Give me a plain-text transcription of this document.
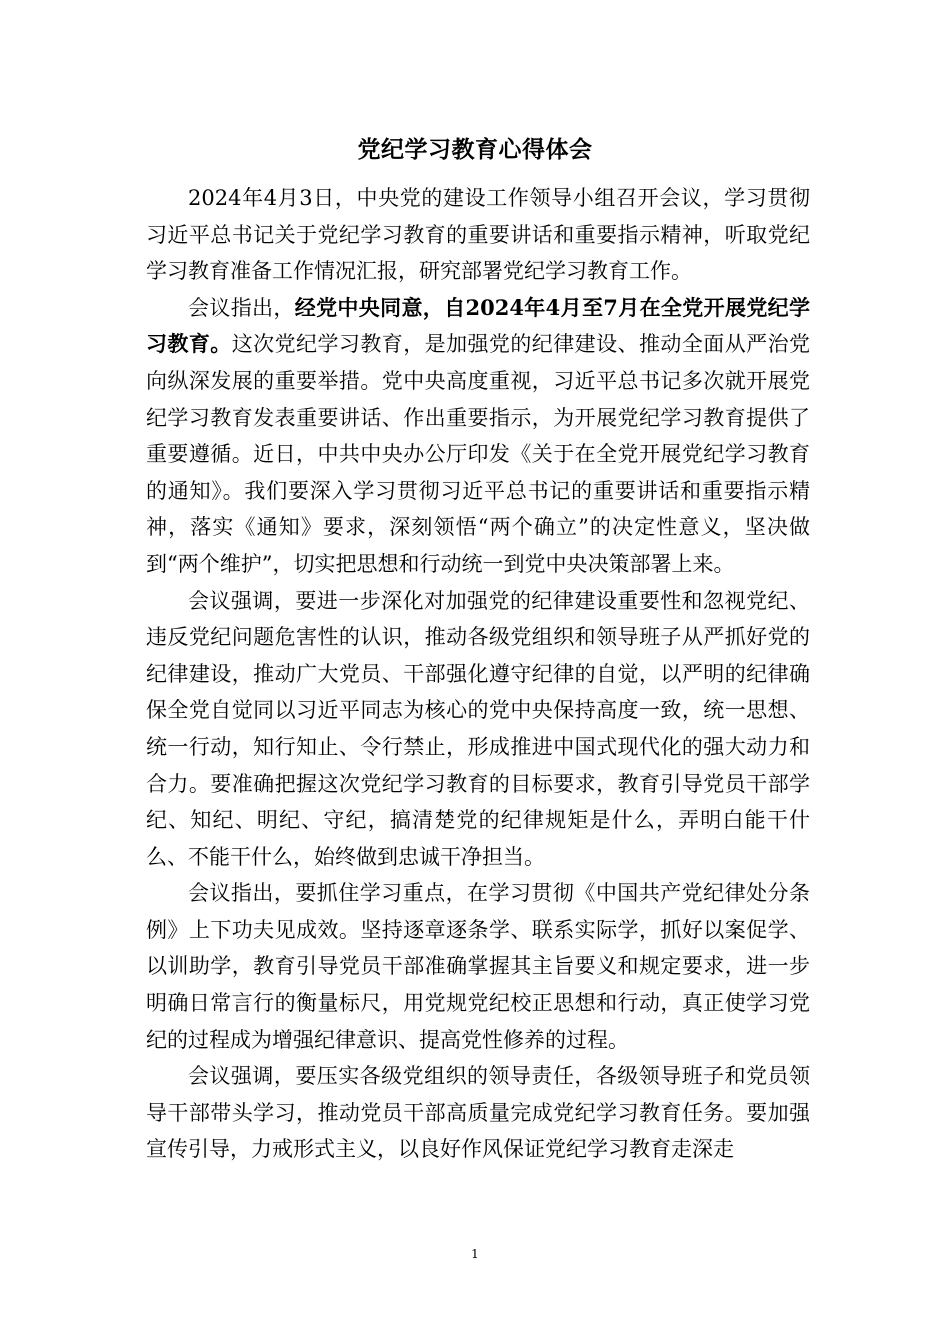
党纪学习教育心得体会

2024年4月3日，中央党的建设工作领导小组召开会议，学习贯彻习近平总书记关于党纪学习教育的重要讲话和重要指示精神，听取党纪学习教育准备工作情况汇报，研究部署党纪学习教育工作。

会议指出，经党中央同意，自2024年4月至7月在全党开展党纪学习教育。这次党纪学习教育，是加强党的纪律建设、推动全面从严治党向纵深发展的重要举措。党中央高度重视，习近平总书记多次就开展党纪学习教育发表重要讲话、作出重要指示，为开展党纪学习教育提供了重要遵循。近日，中共中央办公厅印发《关于在全党开展党纪学习教育的通知》。我们要深入学习贯彻习近平总书记的重要讲话和重要指示精神，落实《通知》要求，深刻领悟“两个确立”的决定性意义，坚决做到“两个维护”，切实把思想和行动统一到党中央决策部署上来。

会议强调，要进一步深化对加强党的纪律建设重要性和忽视党纪、违反党纪问题危害性的认识，推动各级党组织和领导班子从严抓好党的纪律建设，推动广大党员、干部强化遵守纪律的自觉，以严明的纪律确保全党自觉同以习近平同志为核心的党中央保持高度一致，统一思想、统一行动，知行知止、令行禁止，形成推进中国式现代化的强大动力和合力。要准确把握这次党纪学习教育的目标要求，教育引导党员干部学纪、知纪、明纪、守纪，搞清楚党的纪律规矩是什么，弄明白能干什么、不能干什么，始终做到忠诚干净担当。

会议指出，要抓住学习重点，在学习贯彻《中国共产党纪律处分条例》上下功夫见成效。坚持逐章逐条学、联系实际学，抓好以案促学、以训助学，教育引导党员干部准确掌握其主旨要义和规定要求，进一步明确日常言行的衡量标尺，用党规党纪校正思想和行动，真正使学习党纪的过程成为增强纪律意识、提高党性修养的过程。

会议强调，要压实各级党组织的领导责任，各级领导班子和党员领导干部带头学习，推动党员干部高质量完成党纪学习教育任务。要加强宣传引导，力戒形式主义，以良好作风保证党纪学习教育走深走

1
